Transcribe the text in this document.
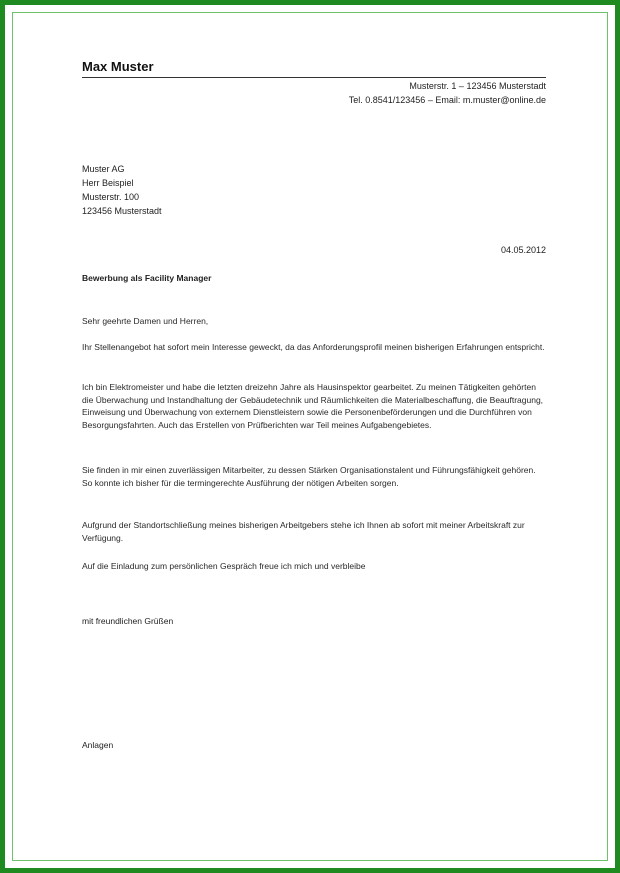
Max Muster
Musterstr. 1 – 123456 Musterstadt
Tel. 0.8541/123456 – Email: m.muster@online.de
Muster AG
Herr Beispiel
Musterstr. 100
123456 Musterstadt
04.05.2012
Bewerbung als Facility Manager
Sehr geehrte Damen und Herren,
Ihr Stellenangebot hat sofort mein Interesse geweckt, da das Anforderungsprofil meinen bisherigen Erfahrungen entspricht.
Ich bin Elektromeister und habe die letzten dreizehn Jahre als Hausinspektor gearbeitet. Zu meinen Tätigkeiten gehörten die Überwachung und Instandhaltung der Gebäudetechnik und Räumlichkeiten die Materialbeschaffung, die Beauftragung, Einweisung und Überwachung von externem Dienstleistern sowie die Personenbeförderungen und die Durchführen von Besorgungsfahrten. Auch das Erstellen von Prüfberichten war Teil meines Aufgabengebietes.
Sie finden in mir einen zuverlässigen Mitarbeiter, zu dessen Stärken Organisationstalent und Führungsfähigkeit gehören. So konnte ich bisher für die termingerechte Ausführung der nötigen Arbeiten sorgen.
Aufgrund der Standortschließung meines bisherigen Arbeitgebers stehe ich Ihnen ab sofort mit meiner Arbeitskraft zur Verfügung.
Auf die Einladung zum persönlichen Gespräch freue ich mich und verbleibe
mit freundlichen Grüßen
Anlagen
